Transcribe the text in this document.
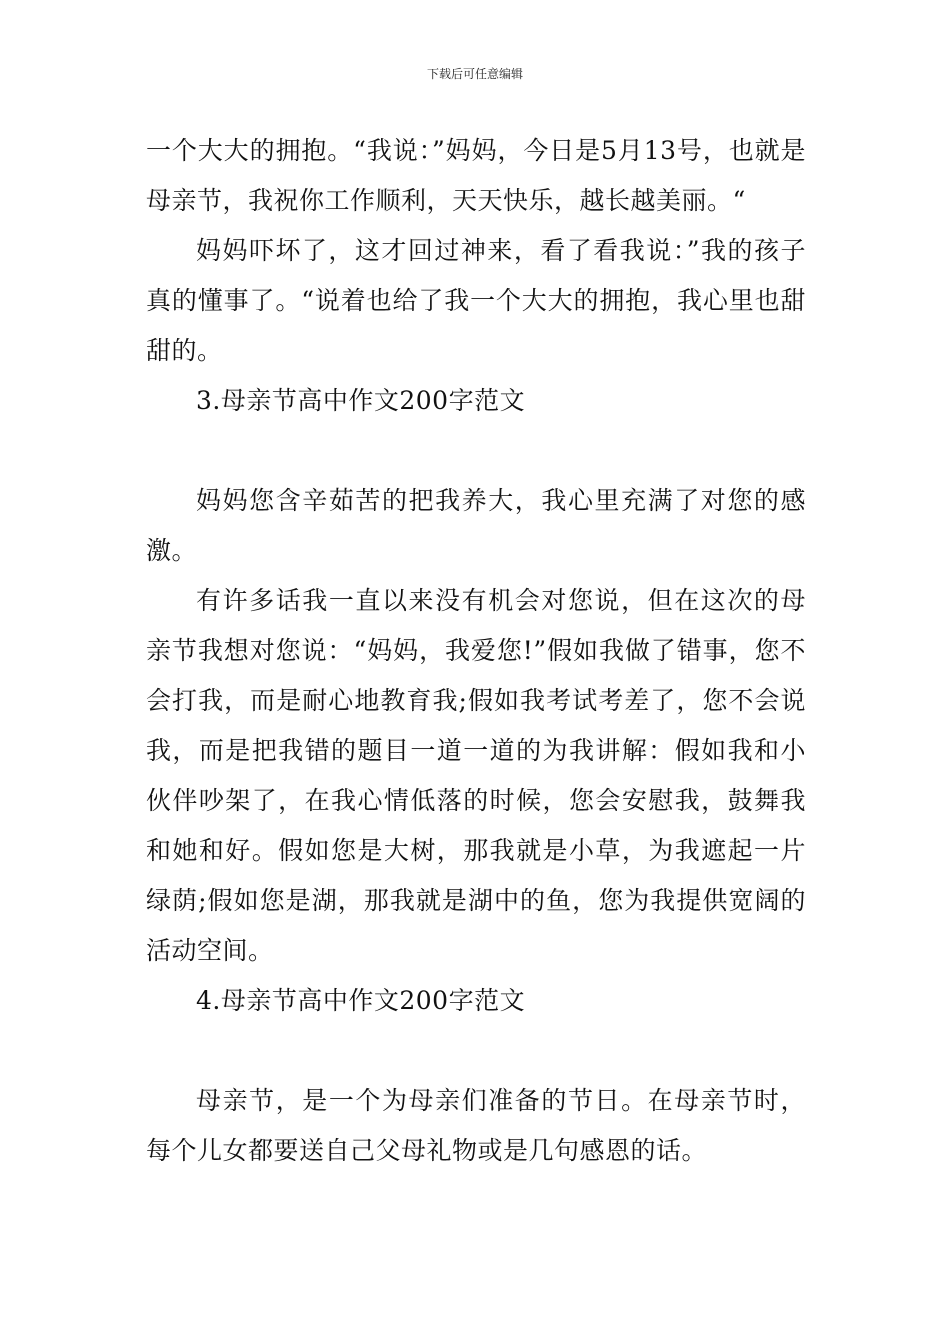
下载后可任意编辑

一个大大的拥抱。“我说：”妈妈，今日是5月13号，也就是母亲节，我祝你工作顺利，天天快乐，越长越美丽。“

妈妈吓坏了，这才回过神来，看了看我说：”我的孩子真的懂事了。“说着也给了我一个大大的拥抱，我心里也甜甜的。

3.母亲节高中作文200字范文

妈妈您含辛茹苦的把我养大，我心里充满了对您的感激。

有许多话我一直以来没有机会对您说，但在这次的母亲节我想对您说：“妈妈，我爱您!”假如我做了错事，您不会打我，而是耐心地教育我;假如我考试考差了，您不会说我，而是把我错的题目一道一道的为我讲解：假如我和小伙伴吵架了，在我心情低落的时候，您会安慰我，鼓舞我和她和好。假如您是大树，那我就是小草，为我遮起一片绿荫;假如您是湖，那我就是湖中的鱼，您为我提供宽阔的活动空间。

4.母亲节高中作文200字范文

母亲节，是一个为母亲们准备的节日。在母亲节时，每个儿女都要送自己父母礼物或是几句感恩的话。
